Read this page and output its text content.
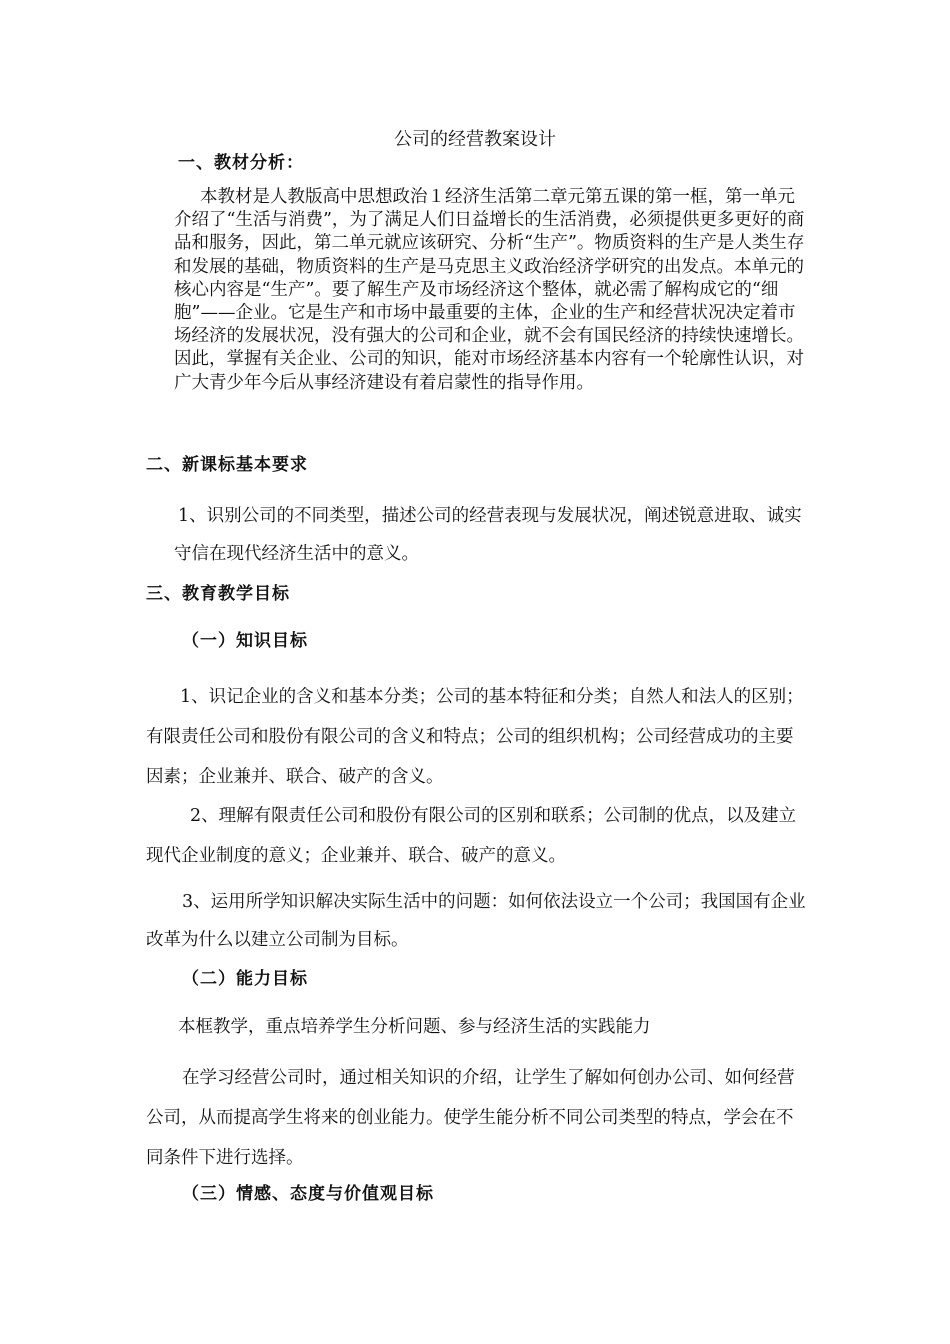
公司的经营教案设计
一、教材分析：

本教材是人教版高中思想政治１经济生活第二章元第五课的第一框，第一单元介绍了“生活与消费”，为了满足人们日益增长的生活消费，必须提供更多更好的商品和服务，因此，第二单元就应该研究、分析“生产”。物质资料的生产是人类生存和发展的基础，物质资料的生产是马克思主义政治经济学研究的出发点。本单元的核心内容是“生产”。要了解生产及市场经济这个整体，就必需了解构成它的“细胞”——企业。它是生产和市场中最重要的主体，企业的生产和经营状况决定着市场经济的发展状况，没有强大的公司和企业，就不会有国民经济的持续快速增长。因此，掌握有关企业、公司的知识，能对市场经济基本内容有一个轮廓性认识，对广大青少年今后从事经济建设有着启蒙性的指导作用。

二、新课标基本要求

1、识别公司的不同类型，描述公司的经营表现与发展状况，阐述锐意进取、诚实守信在现代经济生活中的意义。

三、教育教学目标
（一）知识目标

1、识记企业的含义和基本分类；公司的基本特征和分类；自然人和法人的区别；有限责任公司和股份有限公司的含义和特点；公司的组织机构；公司经营成功的主要因素；企业兼并、联合、破产的含义。

2、理解有限责任公司和股份有限公司的区别和联系；公司制的优点，以及建立现代企业制度的意义；企业兼并、联合、破产的意义。

3、运用所学知识解决实际生活中的问题：如何依法设立一个公司；我国国有企业改革为什么以建立公司制为目标。

（二）能力目标

本框教学，重点培养学生分析问题、参与经济生活的实践能力

在学习经营公司时，通过相关知识的介绍，让学生了解如何创办公司、如何经营公司，从而提高学生将来的创业能力。使学生能分析不同公司类型的特点，学会在不同条件下进行选择。

（三）情感、态度与价值观目标
